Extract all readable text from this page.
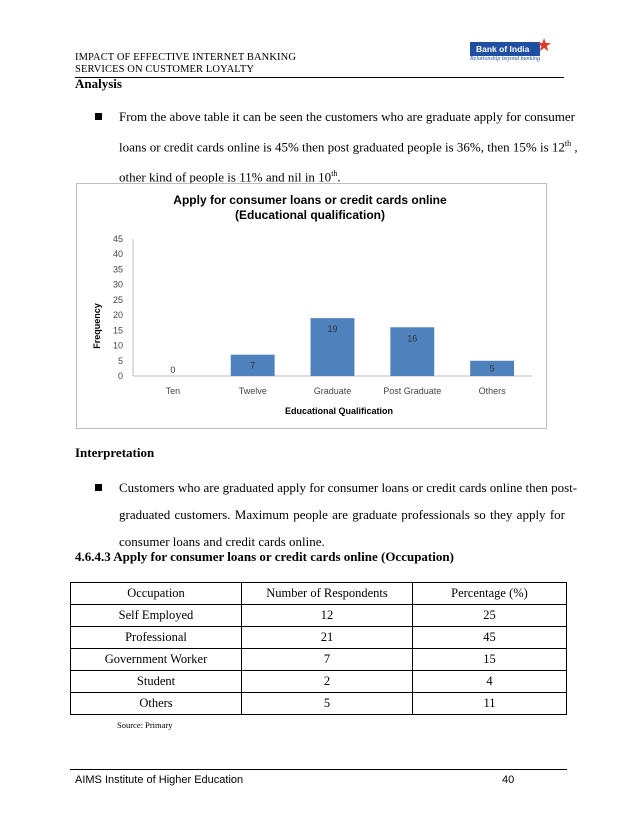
IMPACT OF EFFECTIVE INTERNET BANKING
SERVICES ON CUSTOMER LOYALTY
Bank of India ★
Relationship beyond banking
Analysis
From the above table it can be seen the customers who are graduate apply for consumer
loans or credit cards online is 45% then post graduated people is 36%, then 15% is 12th ,
other kind of people is 11% and nil in 10th.
Apply for consumer loans or credit cards online
(Educational qualification)
Frequency
Educational Qualification
0
5
10
15
20
25
30
35
40
45
0	7
19
16
5
Ten	Twelve	Graduate	Post Graduate	Others
Interpretation
Customers who are graduated apply for consumer loans or credit cards online then post-
graduated customers. Maximum people are graduate professionals so they apply for
consumer loans and credit cards online.
4.6.4.3 Apply for consumer loans or credit cards online (Occupation)
Occupation	Number of Respondents	Percentage (%)
Self Employed	12	25
Professional	21	45
Government Worker	7	15
Student	2	4
Others	5	11
Source: Primary
AIMS Institute of Higher Education	40
